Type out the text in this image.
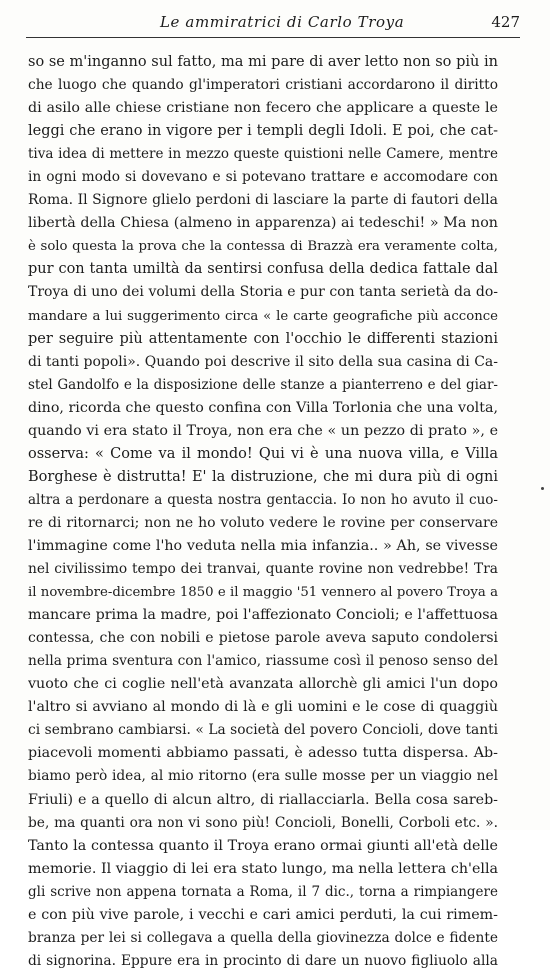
Le ammiratrici di Carlo Troya	427
so se m'inganno sul fatto, ma mi pare di aver letto non so più in
che luogo che quando gl'imperatori cristiani accordarono il diritto
di asilo alle chiese cristiane non fecero che applicare a queste le
leggi che erano in vigore per i templi degli Idoli. E poi, che cat-
tiva idea di mettere in mezzo queste quistioni nelle Camere, mentre
in ogni modo si dovevano e si potevano trattare e accomodare con
Roma. Il Signore glielo perdoni di lasciare la parte di fautori della
libertà della Chiesa (almeno in apparenza) ai tedeschi! » Ma non
è solo questa la prova che la contessa di Brazzà era veramente colta,
pur con tanta umiltà da sentirsi confusa della dedica fattale dal
Troya di uno dei volumi della Storia e pur con tanta serietà da do-
mandare a lui suggerimento circa « le carte geografiche più acconce
per seguire più attentamente con l'occhio le differenti stazioni
di tanti popoli». Quando poi descrive il sito della sua casina di Ca-
stel Gandolfo e la disposizione delle stanze a pianterreno e del giar-
dino, ricorda che questo confina con Villa Torlonia che una volta,
quando vi era stato il Troya, non era che « un pezzo di prato », e
osserva: « Come va il mondo! Qui vi è una nuova villa, e Villa
Borghese è distrutta! E' la distruzione, che mi dura più di ogni
altra a perdonare a questa nostra gentaccia. Io non ho avuto il cuo-
re di ritornarci; non ne ho voluto vedere le rovine per conservare
l'immagine come l'ho veduta nella mia infanzia.. » Ah, se vivesse
nel civilissimo tempo dei tranvai, quante rovine non vedrebbe! Tra
il novembre-dicembre 1850 e il maggio '51 vennero al povero Troya a
mancare prima la madre, poi l'affezionato Concioli; e l'affettuosa
contessa, che con nobili e pietose parole aveva saputo condolersi
nella prima sventura con l'amico, riassume così il penoso senso del
vuoto che ci coglie nell'età avanzata allorchè gli amici l'un dopo
l'altro si avviano al mondo di là e gli uomini e le cose di quaggiù
ci sembrano cambiarsi. « La società del povero Concioli, dove tanti
piacevoli momenti abbiamo passati, è adesso tutta dispersa. Ab-
biamo però idea, al mio ritorno (era sulle mosse per un viaggio nel
Friuli) e a quello di alcun altro, di riallacciarla. Bella cosa sareb-
be, ma quanti ora non vi sono più! Concioli, Bonelli, Corboli etc. ».
Tanto la contessa quanto il Troya erano ormai giunti all'età delle
memorie. Il viaggio di lei era stato lungo, ma nella lettera ch'ella
gli scrive non appena tornata a Roma, il 7 dic., torna a rimpiangere
e con più vive parole, i vecchi e cari amici perduti, la cui rimem-
branza per lei si collegava a quella della giovinezza dolce e fidente
di signorina. Eppure era in procinto di dare un nuovo figliuolo alla
